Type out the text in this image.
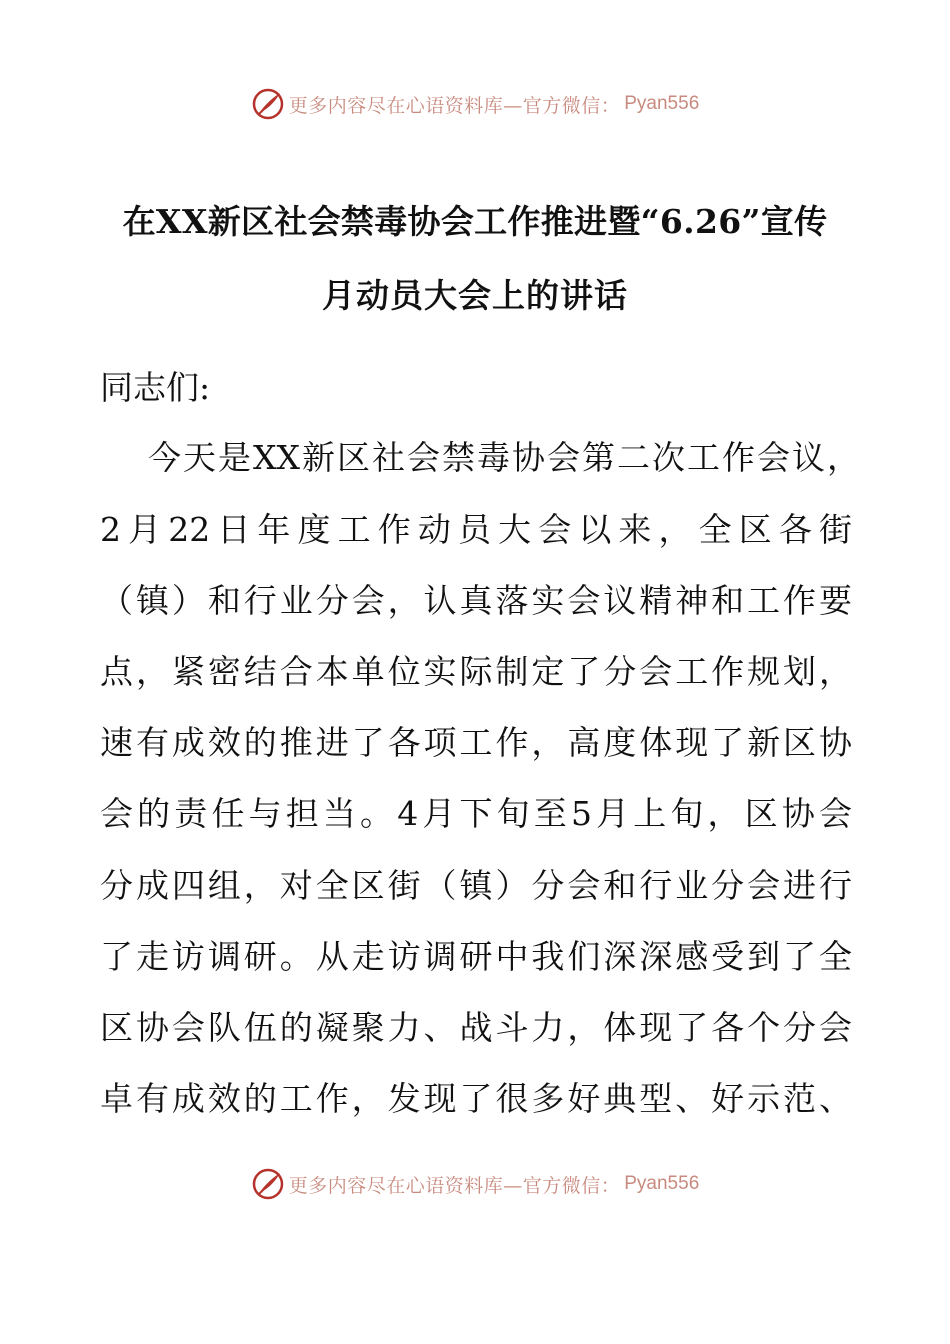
更多内容尽在心语资料库—官方微信： Pyan556
在XX新区社会禁毒协会工作推进暨“6.26”宣传
月动员大会上的讲话

同志们:

今天是XX新区社会禁毒协会第二次工作会议，

2月22日年度工作动员大会以来，全区各街

（镇）和行业分会，认真落实会议精神和工作要

点，紧密结合本单位实际制定了分会工作规划，

速有成效的推进了各项工作，高度体现了新区协

会的责任与担当。4月下旬至5月上旬，区协会

分成四组，对全区街（镇）分会和行业分会进行

了走访调研。从走访调研中我们深深感受到了全

区协会队伍的凝聚力、战斗力，体现了各个分会

卓有成效的工作，发现了很多好典型、好示范、

更多内容尽在心语资料库—官方微信： Pyan556
